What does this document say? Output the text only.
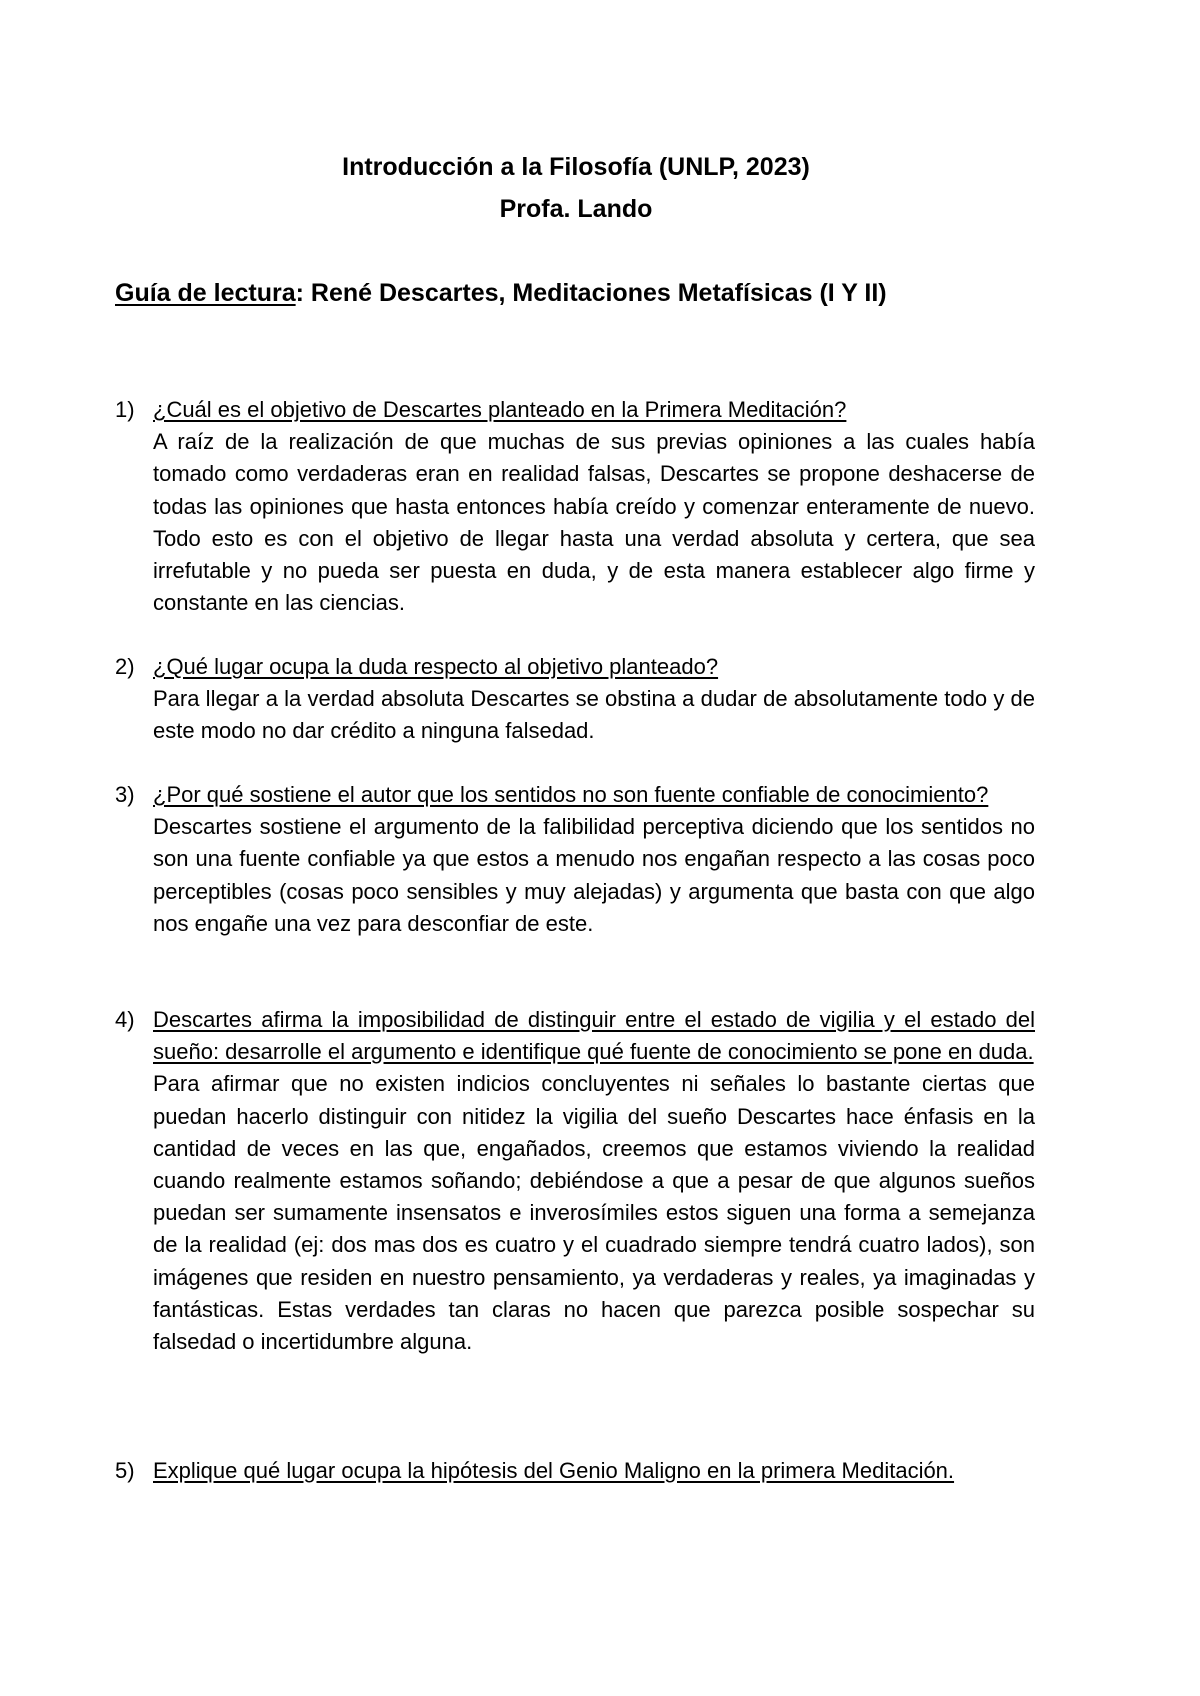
Introducción a la Filosofía (UNLP, 2023)
Profa. Lando
Guía de lectura: René Descartes, Meditaciones Metafísicas (I Y II)
1) ¿Cuál es el objetivo de Descartes planteado en la Primera Meditación?

A raíz de la realización de que muchas de sus previas opiniones a las cuales había tomado como verdaderas eran en realidad falsas, Descartes se propone deshacerse de todas las opiniones que hasta entonces había creído y comenzar enteramente de nuevo. Todo esto es con el objetivo de llegar hasta una verdad absoluta y certera, que sea irrefutable y no pueda ser puesta en duda, y de esta manera establecer algo firme y constante en las ciencias.

2) ¿Qué lugar ocupa la duda respecto al objetivo planteado?

Para llegar a la verdad absoluta Descartes se obstina a dudar de absolutamente todo y de este modo no dar crédito a ninguna falsedad.

3) ¿Por qué sostiene el autor que los sentidos no son fuente confiable de conocimiento?

Descartes sostiene el argumento de la falibilidad perceptiva diciendo que los sentidos no son una fuente confiable ya que estos a menudo nos engañan respecto a las cosas poco perceptibles (cosas poco sensibles y muy alejadas) y argumenta que basta con que algo nos engañe una vez para desconfiar de este.

4) Descartes afirma la imposibilidad de distinguir entre el estado de vigilia y el estado del sueño: desarrolle el argumento e identifique qué fuente de conocimiento se pone en duda.

Para afirmar que no existen indicios concluyentes ni señales lo bastante ciertas que puedan hacerlo distinguir con nitidez la vigilia del sueño Descartes hace énfasis en la cantidad de veces en las que, engañados, creemos que estamos viviendo la realidad cuando realmente estamos soñando; debiéndose a que a pesar de que algunos sueños puedan ser sumamente insensatos e inverosímiles estos siguen una forma a semejanza de la realidad (ej: dos mas dos es cuatro y el cuadrado siempre tendrá cuatro lados), son imágenes que residen en nuestro pensamiento, ya verdaderas y reales, ya imaginadas y fantásticas. Estas verdades tan claras no hacen que parezca posible sospechar su falsedad o incertidumbre alguna.

5) Explique qué lugar ocupa la hipótesis del Genio Maligno en la primera Meditación.
